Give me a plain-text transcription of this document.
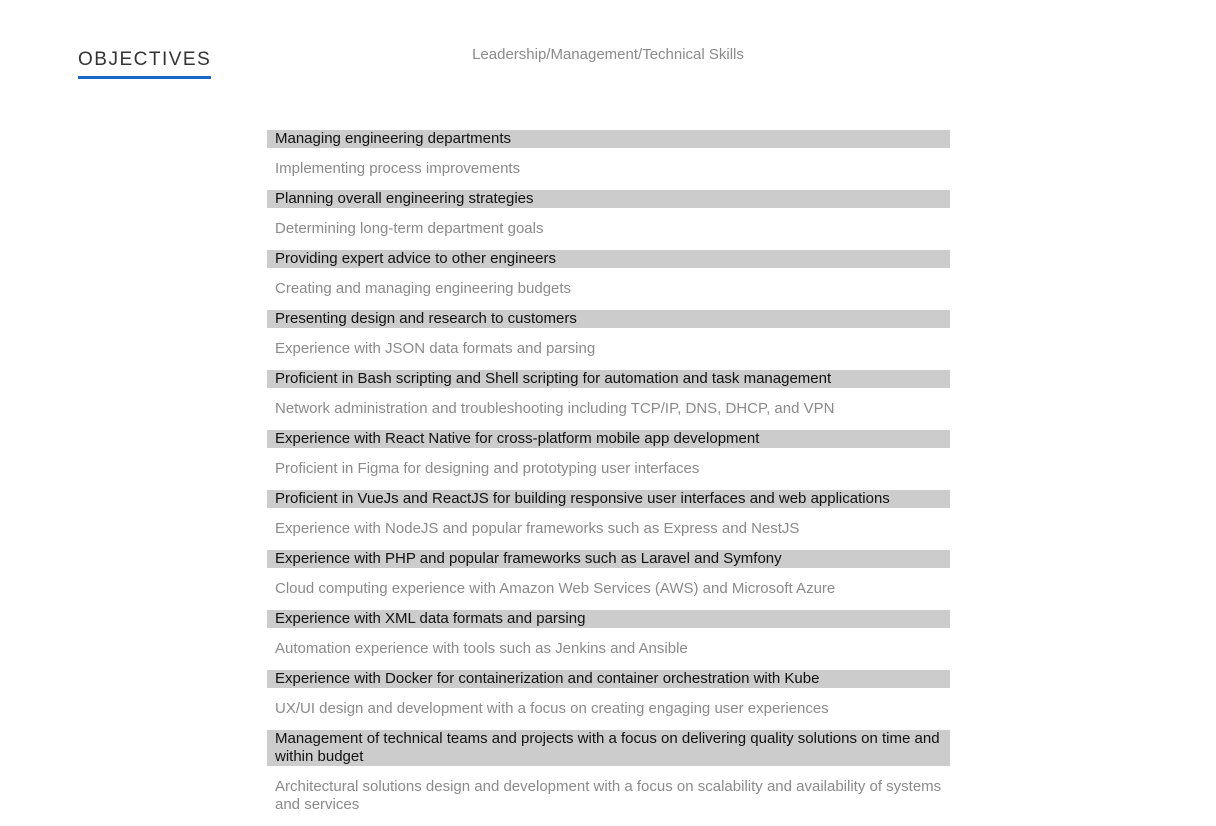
OBJECTIVES	Leadership/Management/Technical Skills
Managing engineering departments
Implementing process improvements
Planning overall engineering strategies
Determining long-term department goals
Providing expert advice to other engineers
Creating and managing engineering budgets
Presenting design and research to customers
Experience with JSON data formats and parsing
Proficient in Bash scripting and Shell scripting for automation and task management
Network administration and troubleshooting including TCP/IP, DNS, DHCP, and VPN
Experience with React Native for cross-platform mobile app development
Proficient in Figma for designing and prototyping user interfaces
Proficient in VueJs and ReactJS for building responsive user interfaces and web applications
Experience with NodeJS and popular frameworks such as Express and NestJS
Experience with PHP and popular frameworks such as Laravel and Symfony
Cloud computing experience with Amazon Web Services (AWS) and Microsoft Azure
Experience with XML data formats and parsing
Automation experience with tools such as Jenkins and Ansible
Experience with Docker for containerization and container orchestration with Kube
UX/UI design and development with a focus on creating engaging user experiences
Management of technical teams and projects with a focus on delivering quality solutions on time and within budget
Architectural solutions design and development with a focus on scalability and availability of systems and services
